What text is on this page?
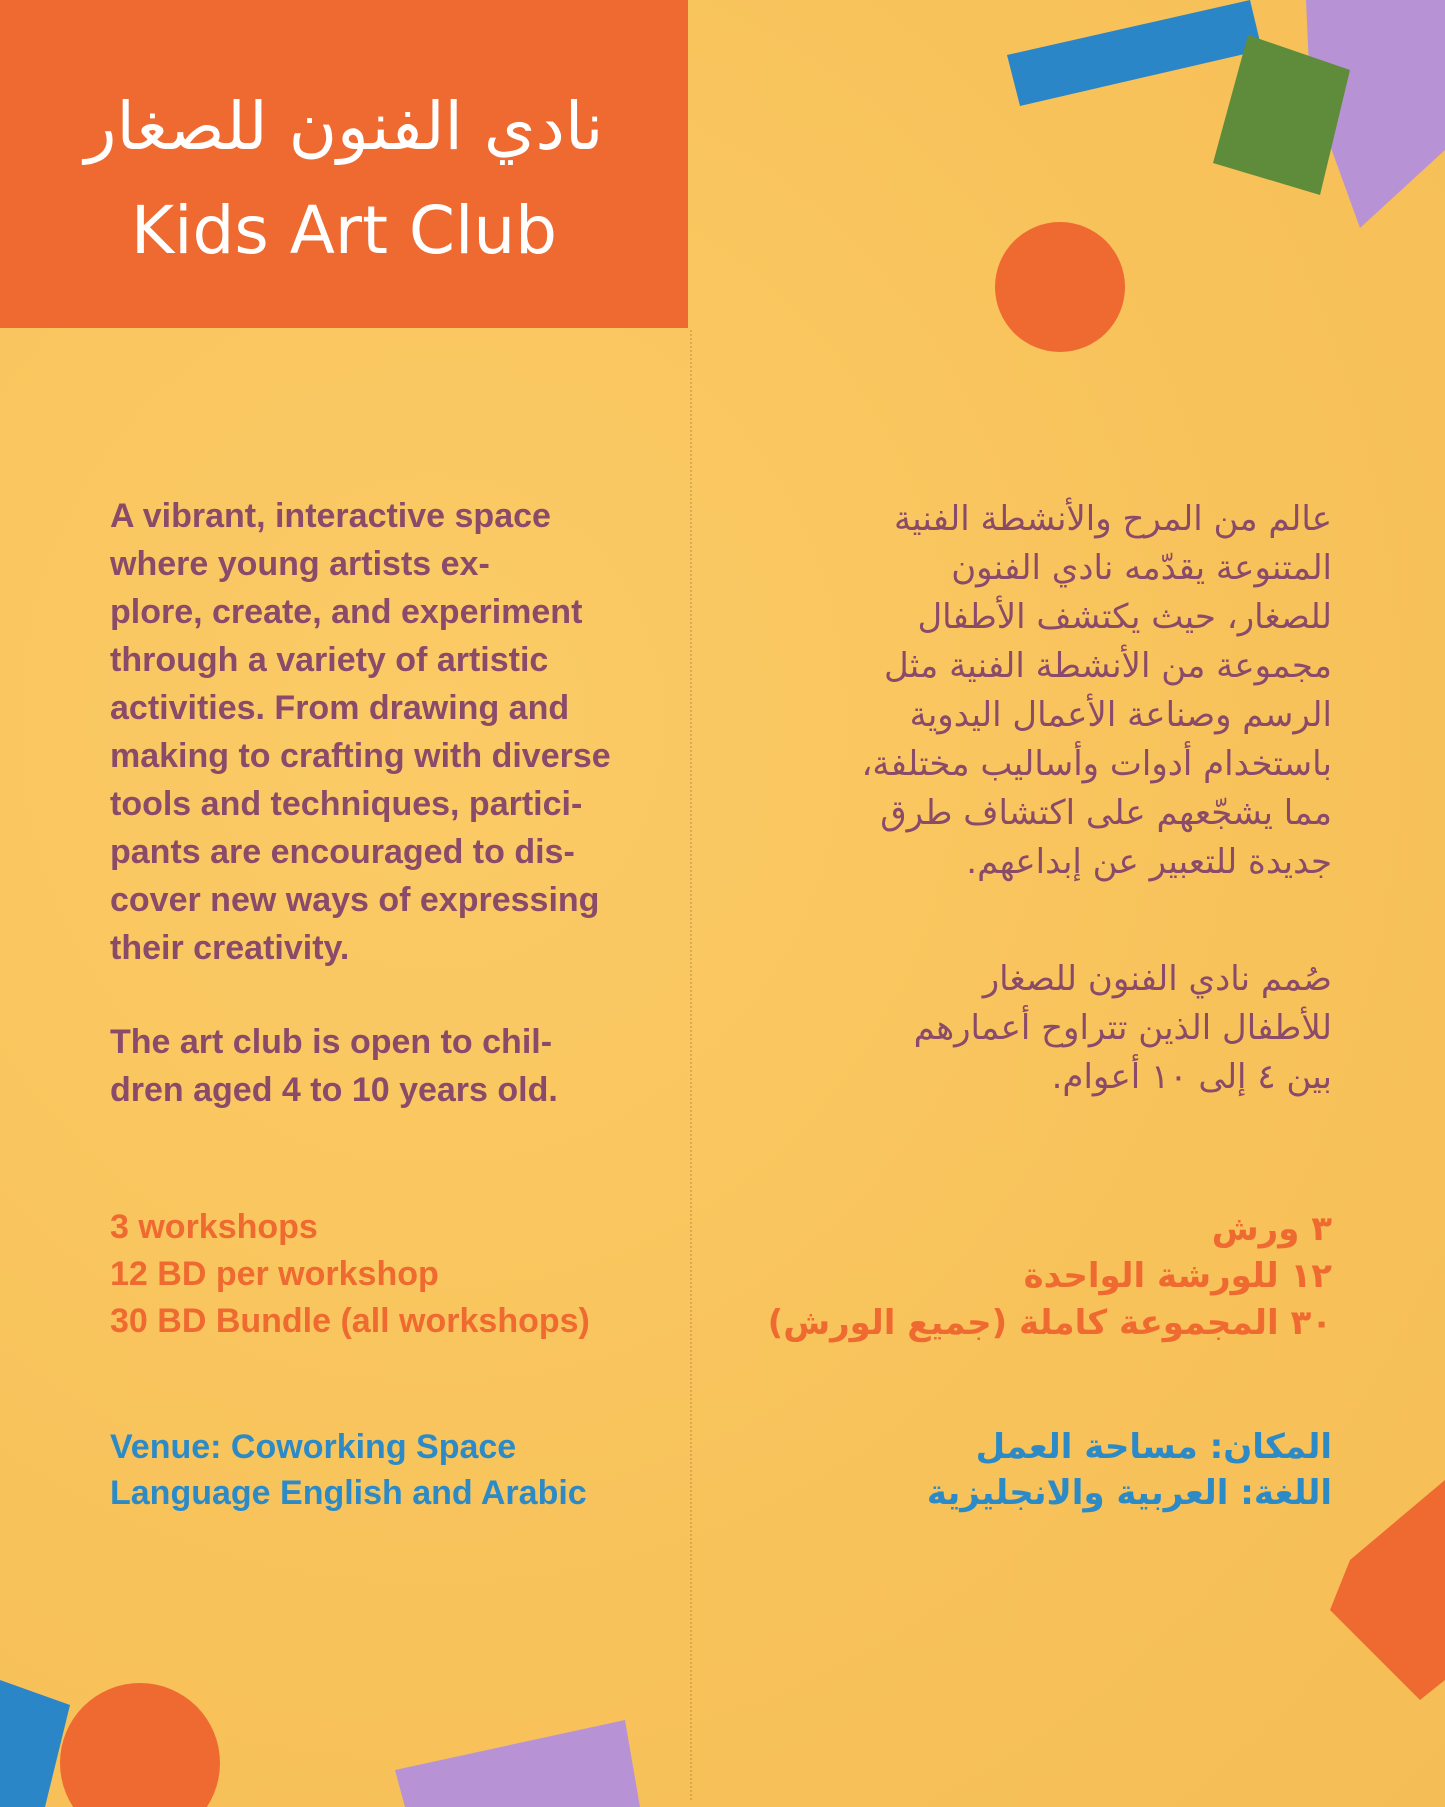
نادي الفنون للصغار
Kids Art Club
A vibrant, interactive space
where young artists ex-
plore, create, and experiment
through a variety of artistic
activities. From drawing and
making to crafting with diverse
tools and techniques, partici-
pants are encouraged to dis-
cover new ways of expressing
their creativity.
The art club is open to chil-
dren aged 4 to 10 years old.
3 workshops
12 BD per workshop
30 BD Bundle (all workshops)
Venue: Coworking Space
Language English and Arabic
عالم من المرح والأنشطة الفنية
المتنوعة يقدّمه نادي الفنون
للصغار، حيث يكتشف الأطفال
مجموعة من الأنشطة الفنية مثل
الرسم وصناعة الأعمال اليدوية
باستخدام أدوات وأساليب مختلفة،
مما يشجّعهم على اكتشاف طرق
جديدة للتعبير عن إبداعهم.
صُمم نادي الفنون للصغار
للأطفال الذين تتراوح أعمارهم
بين ٤ إلى ١٠ أعوام.
٣ ورش
١٢ للورشة الواحدة
٣٠ المجموعة كاملة (جميع الورش)
المكان: مساحة العمل
اللغة: العربية والانجليزية
